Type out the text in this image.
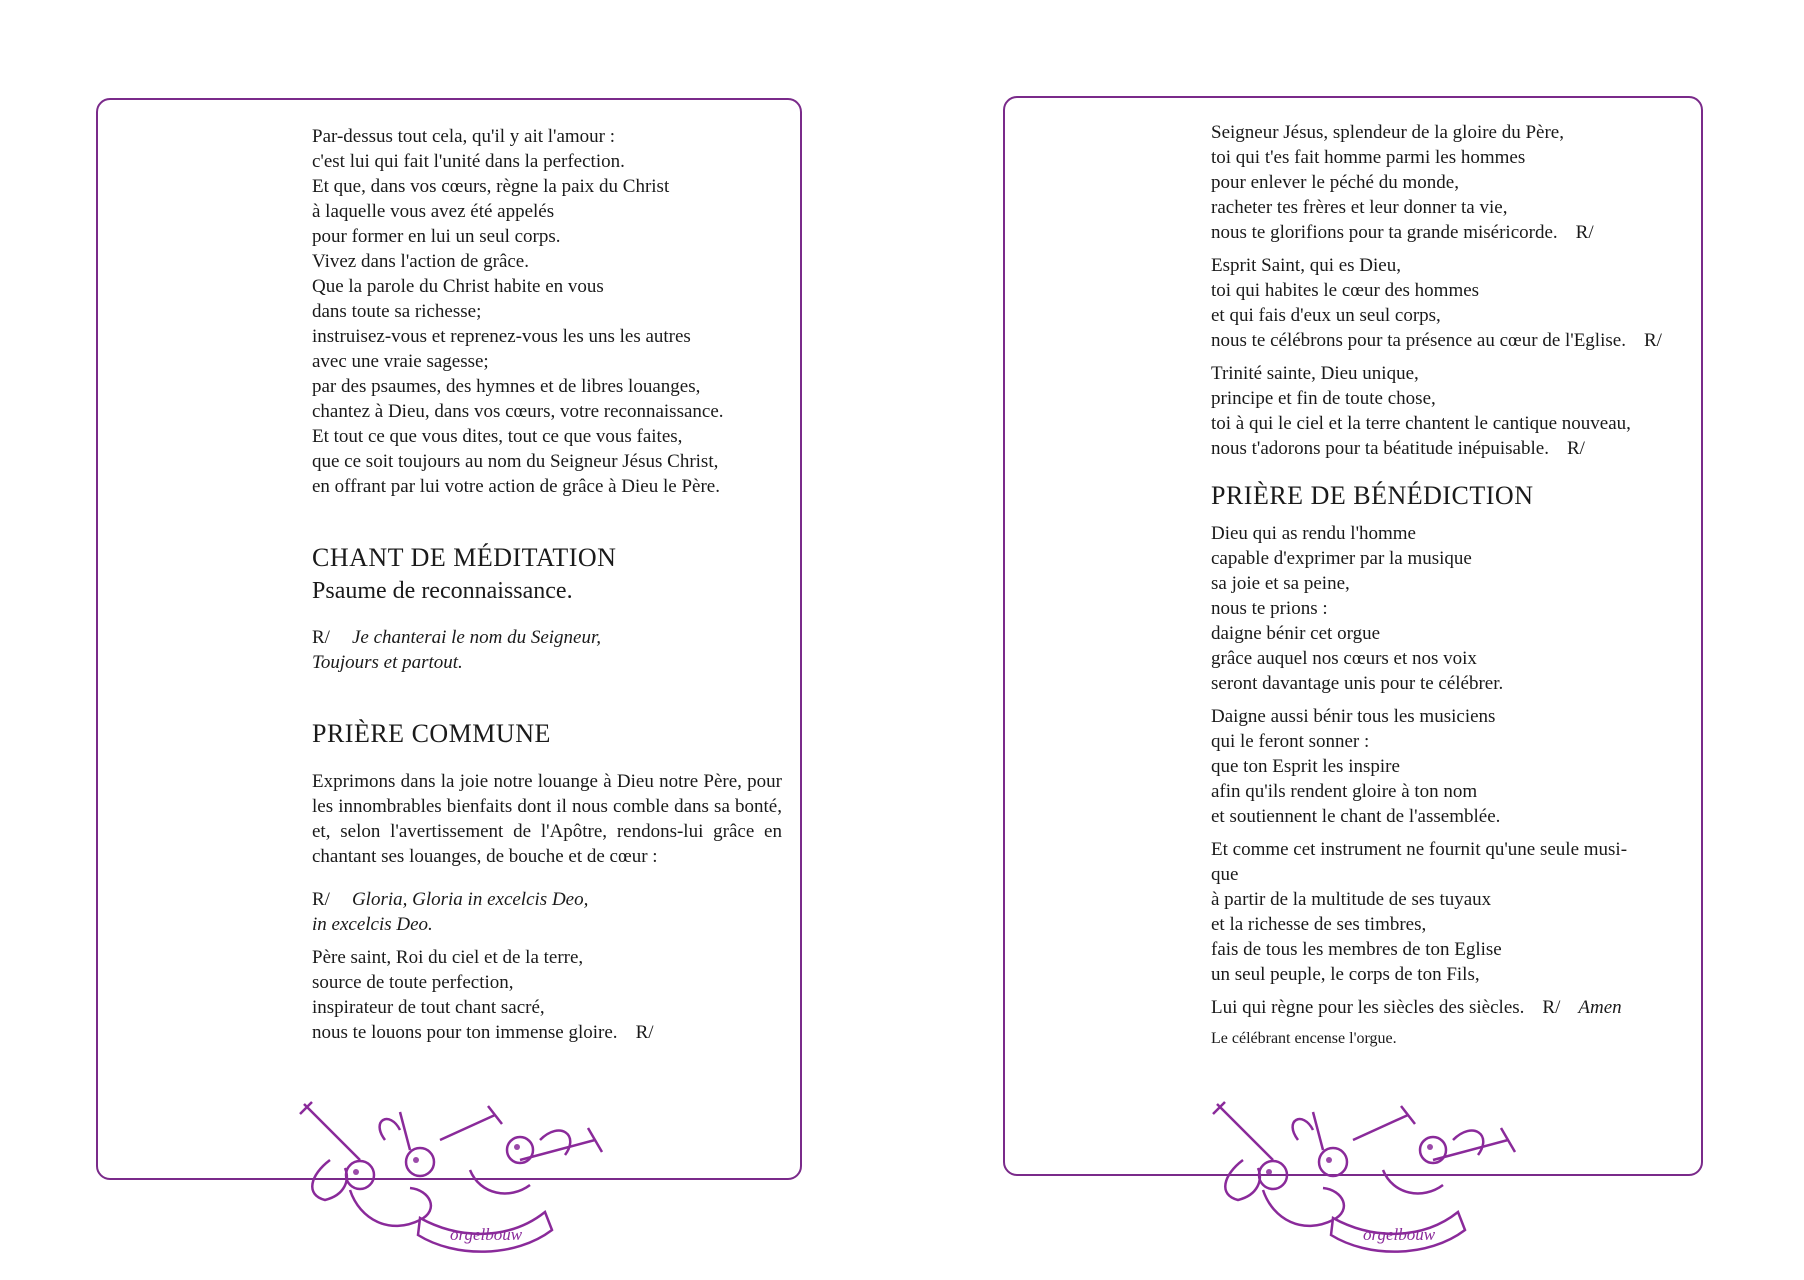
Par-dessus tout cela, qu'il y ait l'amour :
c'est lui qui fait l'unité dans la perfection.
Et que, dans vos cœurs, règne la paix du Christ
à laquelle vous avez été appelés
pour former en lui un seul corps.
Vivez dans l'action de grâce.
Que la parole du Christ habite en vous
dans toute sa richesse;
instruisez-vous et reprenez-vous les uns les autres
avec une vraie sagesse;
par des psaumes, des hymnes et de libres louanges,
chantez à Dieu, dans vos cœurs, votre reconnaissance.
Et tout ce que vous dites, tout ce que vous faites,
que ce soit toujours au nom du Seigneur Jésus Christ,
en offrant par lui votre action de grâce à Dieu le Père.
CHANT DE MÉDITATION
Psaume de reconnaissance.
R/ Je chanterai le nom du Seigneur,
Toujours et partout.
PRIÈRE COMMUNE
Exprimons dans la joie notre louange à Dieu notre Père, pour les innombrables bienfaits dont il nous comble dans sa bonté, et, selon l'avertissement de l'Apôtre, rendons-lui grâce en chantant ses louanges, de bouche et de cœur :
R/ Gloria, Gloria in excelcis Deo,
in excelcis Deo.
Père saint, Roi du ciel et de la terre,
source de toute perfection,
inspirateur de tout chant sacré,
nous te louons pour ton immense gloire. R/
Seigneur Jésus, splendeur de la gloire du Père,
toi qui t'es fait homme parmi les hommes
pour enlever le péché du monde,
racheter tes frères et leur donner ta vie,
nous te glorifions pour ta grande miséricorde. R/
Esprit Saint, qui es Dieu,
toi qui habites le cœur des hommes
et qui fais d'eux un seul corps,
nous te célébrons pour ta présence au cœur de l'Eglise. R/
Trinité sainte, Dieu unique,
principe et fin de toute chose,
toi à qui le ciel et la terre chantent le cantique nouveau,
nous t'adorons pour ta béatitude inépuisable. R/
PRIÈRE DE BÉNÉDICTION
Dieu qui as rendu l'homme
capable d'exprimer par la musique
sa joie et sa peine,
nous te prions :
daigne bénir cet orgue
grâce auquel nos cœurs et nos voix
seront davantage unis pour te célébrer.
Daigne aussi bénir tous les musiciens
qui le feront sonner :
que ton Esprit les inspire
afin qu'ils rendent gloire à ton nom
et soutiennent le chant de l'assemblée.
Et comme cet instrument ne fournit qu'une seule musi-
que
à partir de la multitude de ses tuyaux
et la richesse de ses timbres,
fais de tous les membres de ton Eglise
un seul peuple, le corps de ton Fils,
Lui qui règne pour les siècles des siècles. R/ Amen
Le célébrant encense l'orgue.
orgelbouw	orgelbouw
